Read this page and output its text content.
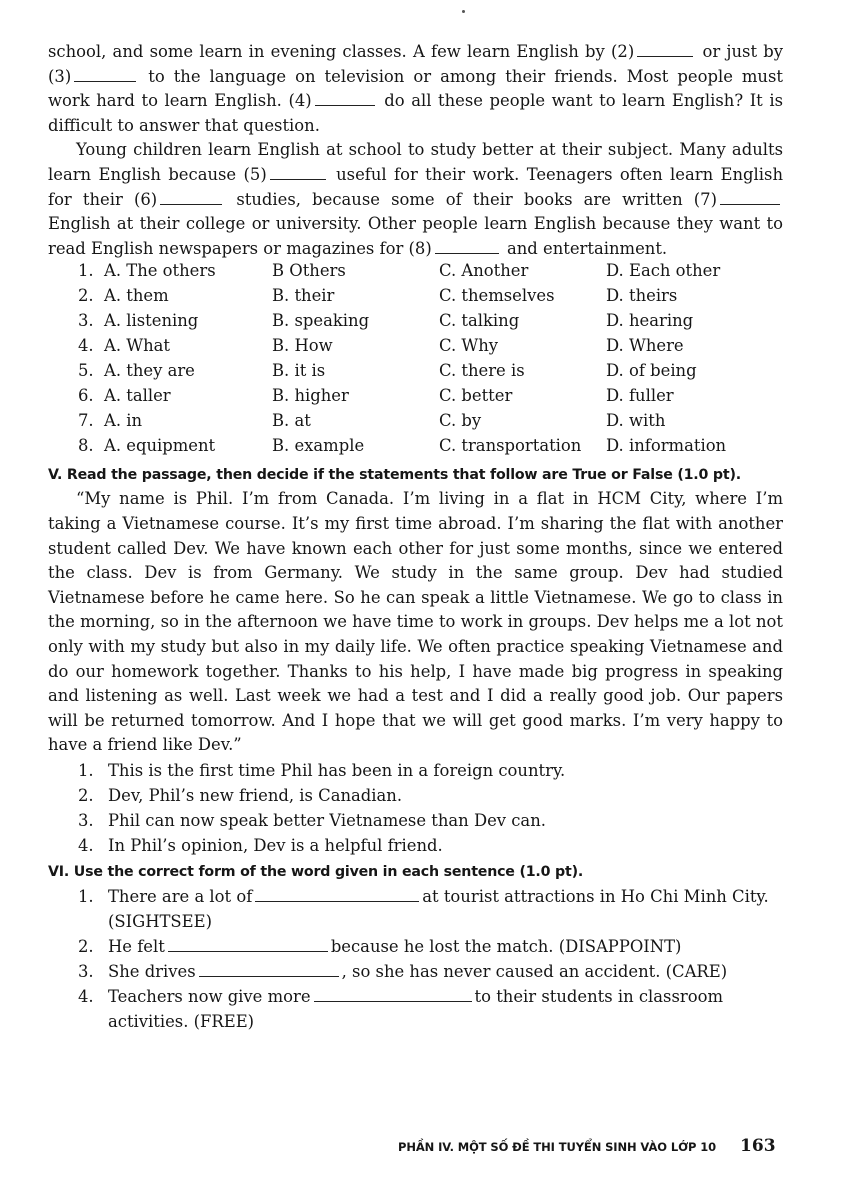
school, and some learn in evening classes. A few learn English by (2)	or just by (3)	to the language on television or among their friends. Most people must work hard to learn English. (4)	do all these people want to learn English? It is difficult to answer that question.

Young children learn English at school to study better at their subject. Many adults learn English because (5)	useful for their work. Teenagers often learn English for their (6)	studies, because some of their books are written (7) English at their college or university. Other people learn English because they want to read English newspapers or magazines for (8)	and entertainment.

1.	A. The others	B Others	C. Another	D. Each other
2.	A. them	B. their	C. themselves	D. theirs
3.	A. listening	B. speaking	C. talking	D. hearing
4.	A. What	B. How	C. Why	D. Where
5.	A. they are	B. it is	C. there is	D. of being
6.	A. taller	B. higher	C. better	D. fuller
7.	A. in	B. at	C. by	D. with
8.	A. equipment	B. example	C. transportation	D. information
V. Read the passage, then decide if the statements that follow are True or False (1.0 pt).

“My name is Phil. I’m from Canada. I’m living in a flat in HCM City, where I’m taking a Vietnamese course. It’s my first time abroad. I’m sharing the flat with another student called Dev. We have known each other for just some months, since we entered the class. Dev is from Germany. We study in the same group. Dev had studied Vietnamese before he came here. So he can speak a little Vietnamese. We go to class in the morning, so in the afternoon we have time to work in groups. Dev helps me a lot not only with my study but also in my daily life. We often practice speaking Vietnamese and do our homework together. Thanks to his help, I have made big progress in speaking and listening as well. Last week we had a test and I did a really good job. Our papers will be returned tomorrow. And I hope that we will get good marks. I’m very happy to have a friend like Dev.”

1. This is the first time Phil has been in a foreign country.
2. Dev, Phil’s new friend, is Canadian.
3. Phil can now speak better Vietnamese than Dev can.
4. In Phil’s opinion, Dev is a helpful friend.
VI. Use the correct form of the word given in each sentence (1.0 pt).
1. There are a lot of	at tourist attractions in Ho Chi Minh City. (SIGHTSEE)
2. He felt	because he lost the match. (DISAPPOINT)
3. She drives	, so she has never caused an accident. (CARE)
4. Teachers now give more	to their students in classroom activities. (FREE)
PHẦN IV. MỘT SỐ ĐỀ THI TUYỂN SINH VÀO LỚP 10 163
